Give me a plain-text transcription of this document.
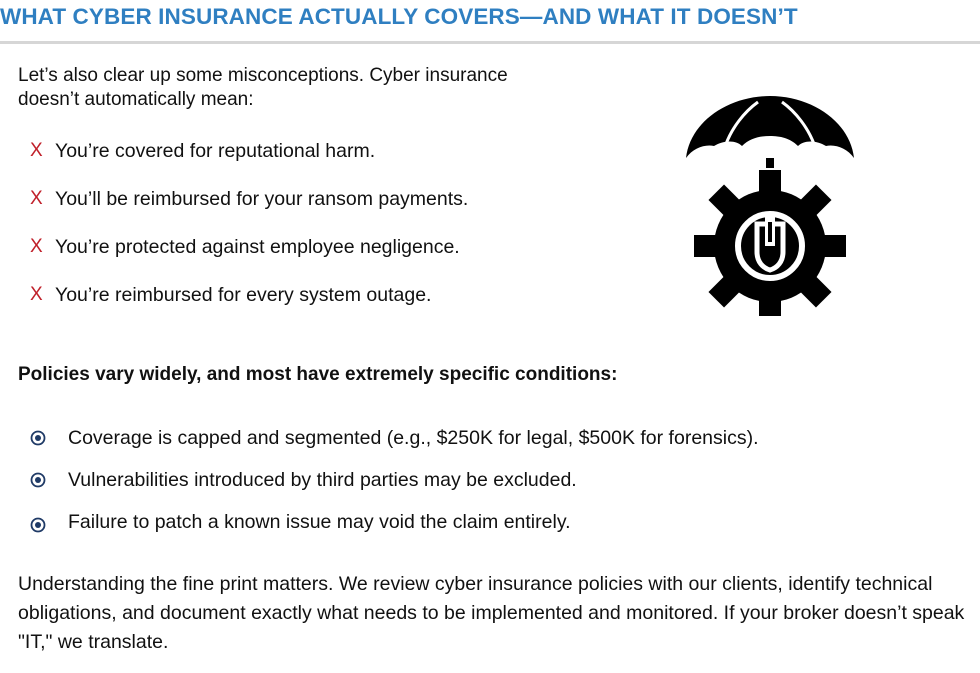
WHAT CYBER INSURANCE ACTUALLY COVERS—AND WHAT IT DOESN’T

Let’s also clear up some misconceptions. Cyber insurance doesn’t automatically mean:

X You’re covered for reputational harm.
X You’ll be reimbursed for your ransom payments.
X You’re protected against employee negligence.
X You’re reimbursed for every system outage.

Policies vary widely, and most have extremely specific conditions:

Coverage is capped and segmented (e.g., $250K for legal, $500K for forensics).
Vulnerabilities introduced by third parties may be excluded.
Failure to patch a known issue may void the claim entirely.

Understanding the fine print matters. We review cyber insurance policies with our clients, identify technical obligations, and document exactly what needs to be implemented and monitored. If your broker doesn’t speak "IT," we translate.
